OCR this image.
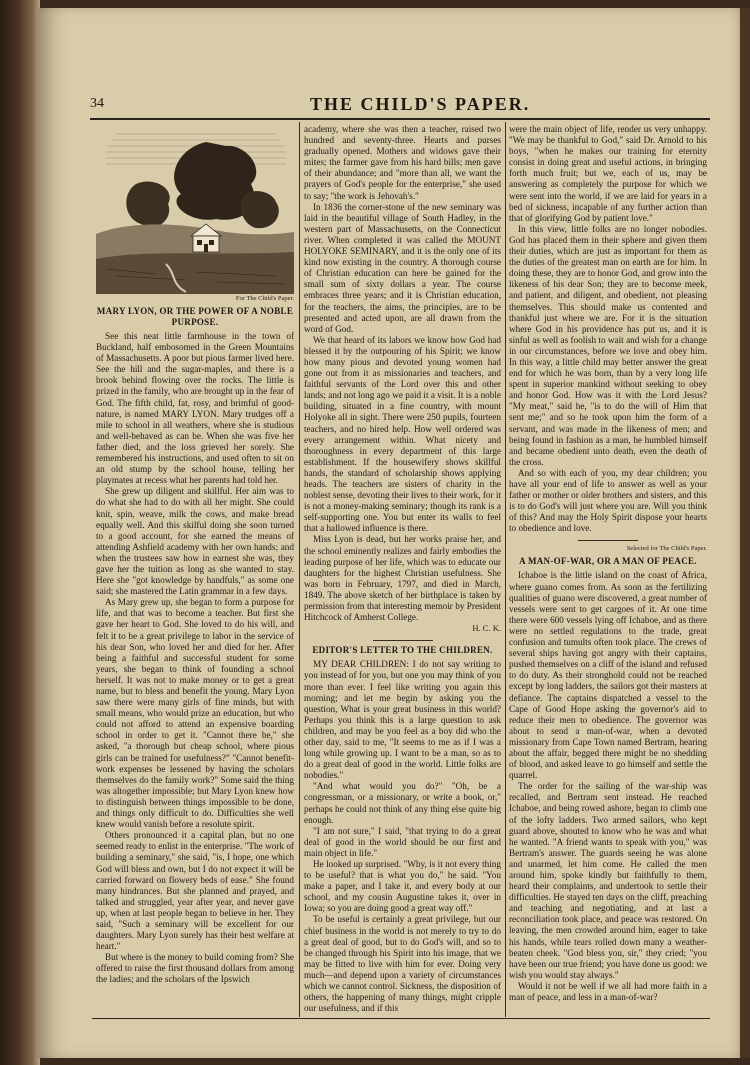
34	THE CHILD'S PAPER.

For The Child's Paper.

MARY LYON, OR THE POWER OF A NOBLE PURPOSE.

See this neat little farmhouse in the town of Buckland, half embosomed in the Green Mountains of Massachusetts. A poor but pious farmer lived here. See the hill and the sugar-maples, and there is a brook behind flowing over the rocks. The little is prized in the family, who are brought up in the fear of God. The fifth child, fat, rosy, and brimful of good-nature, is named MARY LYON. Mary trudges off a mile to school in all weathers, where she is studious and well-behaved as can be. When she was five her father died, and the loss grieved her sorely. She remembered his instructions, and used often to sit on an old stump by the school house, telling her playmates at recess what her parents had told her.

She grew up diligent and skillful. Her aim was to do what she had to do with all her might. She could knit, spin, weave, milk the cows, and make bread equally well. And this skilful doing she soon turned to a good account, for she earned the means of attending Ashfield academy with her own hands; and when the trustees saw how in earnest she was, they gave her the tuition as long as she wanted to stay. Here she "got knowledge by handfuls," as some one said; she mastered the Latin grammar in a few days.

As Mary grew up, she began to form a purpose for life, and that was to become a teacher. But first she gave her heart to God. She loved to do his will, and felt it to be a great privilege to labor in the service of his dear Son, who loved her and died for her. After being a faithful and successful student for some years, she began to think of founding a school herself. It was not to make money or to get a great name, but to bless and benefit the young. Mary Lyon saw there were many girls of fine minds, but with small means, who would prize an education, but who could not afford to attend an expensive boarding school in order to get it. "Cannot there be," she asked, "a thorough but cheap school, where pious girls can be trained for usefulness?" "Cannot benefit-work expenses be lessened by having the scholars themselves do the family work?" Some said the thing was altogether impossible; but Mary Lyon knew how to distinguish between things impossible to be done, and things only difficult to do. Difficulties she well knew would vanish before a resolute spirit.

Others pronounced it a capital plan, but no one seemed ready to enlist in the enterprise. "The work of building a seminary," she said, "is, I hope, one which God will bless and own, but I do not expect it will be carried forward on flowery beds of ease." She found many hindrances. But she planned and prayed, and talked and struggled, year after year, and never gave up, when at last people began to believe in her. They said, "Such a seminary will be excellent for our daughters. Mary Lyon surely has their best welfare at heart."

But where is the money to build coming from? She offered to raise the first thousand dollars from among the ladies; and the scholars of the Ipswich

academy, where she was then a teacher, raised two hundred and seventy-three. Hearts and purses gradually opened. Mothers and widows gave their mites; the farmer gave from his hard bills; men gave of their abundance; and "more than all, we want the prayers of God's people for the enterprise," she used to say; "the work is Jehovah's."

In 1836 the corner-stone of the new seminary was laid in the beautiful village of South Hadley, in the western part of Massachusetts, on the Connecticut river. When completed it was called the MOUNT HOLYOKE SEMINARY, and it is the only one of its kind now existing in the country. A thorough course of Christian education can here be gained for the small sum of sixty dollars a year. The course embraces three years; and it is Christian education, for the teachers, the aims, the principles, are to be presented and acted upon, are all drawn from the word of God.

We that heard of its labors we know how God had blessed it by the outpouring of his Spirit; we know how many pious and devoted young women had gone out from it as missionaries and teachers, and faithful servants of the Lord over this and other lands; and not long ago we paid it a visit. It is a noble building, situated in a fine country, with mount Holyoke all in sight. There were 250 pupils, fourteen teachers, and no hired help. How well ordered was every arrangement within. What nicety and thoroughness in every department of this large establishment. If the housewifery shows skillful hands, the standard of scholarship shows applying heads. The teachers are sisters of charity in the noblest sense, devoting their lives to their work, for it is not a money-making seminary; though its rank is a self-supporting one. You but enter its walls to feel that a hallowed influence is there.

Miss Lyon is dead, but her works praise her, and the school eminently realizes and fairly embodies the leading purpose of her life, which was to educate our daughters for the highest Christian usefulness. She was born in February, 1797, and died in March, 1849. The above sketch of her birthplace is taken by permission from that interesting memoir by President Hitchcock of Amherst College.

H. C. K.

EDITOR'S LETTER TO THE CHILDREN.

MY DEAR CHILDREN: I do not say writing to you instead of for you, but one you may think of you more than ever. I feel like writing you again this morning; and let me begin by asking you the question, What is your great business in this world? Perhaps you think this is a large question to ask children, and may be you feel as a boy did who the other day, said to me, "It seems to me as if I was a long while growing up. I want to be a man, so as to do a great deal of good in the world. Little folks are nobodies."

"And what would you do?" "Oh, be a congressman, or a missionary, or write a book, or," perhaps he could not think of any thing else quite big enough.

"I am not sure," I said, "that trying to do a great deal of good in the world should be our first and main object in life."

He looked up surprised. "Why, is it not every thing to be useful? that is what you do," he said. "You make a paper, and I take it, and every body at our school, and my cousin Augustine takes it, over in Iowa; so you are doing good a great way off."

To be useful is certainly a great privilege, but our chief business in the world is not merely to try to do a great deal of good, but to do God's will, and so to be changed through his Spirit into his image, that we may be fitted to live with him for ever. Doing very much—and depend upon a variety of circumstances which we cannot control. Sickness, the disposition of others, the happening of many things, might cripple our usefulness, and if this

were the main object of life, render us very unhappy. "We may be thankful to God," said Dr. Arnold to his boys, "when he makes our training for eternity consist in doing great and useful actions, in bringing forth much fruit; but we, each of us, may be answering as completely the purpose for which we were sent into the world, if we are laid for years in a bed of sickness, incapable of any further action than that of glorifying God by patient love."

In this view, little folks are no longer nobodies. God has placed them in their sphere and given them their duties, which are just as important for them as the duties of the greatest man on earth are for him. In doing these, they are to honor God, and grow into the likeness of his dear Son; they are to become meek, and patient, and diligent, and obedient, not pleasing themselves. This should make us contented and thankful just where we are. For it is the situation where God in his providence has put us, and it is sinful as well as foolish to wait and wish for a change in our circumstances, before we love and obey him. In this way, a little child may better answer the great end for which he was born, than by a very long life spent in superior mankind without seeking to obey and honor God. How was it with the Lord Jesus? "My meat," said he, "is to do the will of Him that sent me;" and so he took upon him the form of a servant, and was made in the likeness of men; and being found in fashion as a man, he humbled himself and became obedient unto death, even the death of the cross.

And so with each of you, my dear children; you have all your end of life to answer as well as your father or mother or older brothers and sisters, and this is to do God's will just where you are. Will you think of this? And may the Holy Spirit dispose your hearts to obedience and love.

Selected for The Child's Paper.

A MAN-OF-WAR, OR A MAN OF PEACE.

Ichaboe is the little island on the coast of Africa, where guano comes from. As soon as the fertilizing qualities of guano were discovered, a great number of vessels were sent to get cargoes of it. At one time there were 600 vessels lying off Ichaboe, and as there were no settled regulations to the trade, great confusion and tumults often took place. The crews of several ships having got angry with their captains, pushed themselves on a cliff of the island and refused to do duty. As their stronghold could not be reached except by long ladders, the sailors got their masters at defiance. The captains dispatched a vessel to the Cape of Good Hope asking the governor's aid to reduce their men to obedience. The governor was about to send a man-of-war, when a devoted missionary from Cape Town named Bertram, hearing about the affair, begged there might be no shedding of blood, and asked leave to go himself and settle the quarrel.

The order for the sailing of the war-ship was recalled, and Bertram sent instead. He reached Ichaboe, and being rowed ashore, began to climb one of the lofty ladders. Two armed sailors, who kept guard above, shouted to know who he was and what he wanted. "A friend wants to speak with you," was Bertram's answer. The guards seeing he was alone and unarmed, let him come. He called the men around him, spoke kindly but faithfully to them, heard their complaints, and undertook to settle their difficulties. He stayed ten days on the cliff, preaching and teaching and negotiating, and at last a reconciliation took place, and peace was restored. On leaving, the men crowded around him, eager to take his hands, while tears rolled down many a weather-beaten cheek. "God bless you, sir," they cried; "you have been our true friend; you have done us good: we wish you would stay always."

Would it not be well if we all had more faith in a man of peace, and less in a man-of-war?
